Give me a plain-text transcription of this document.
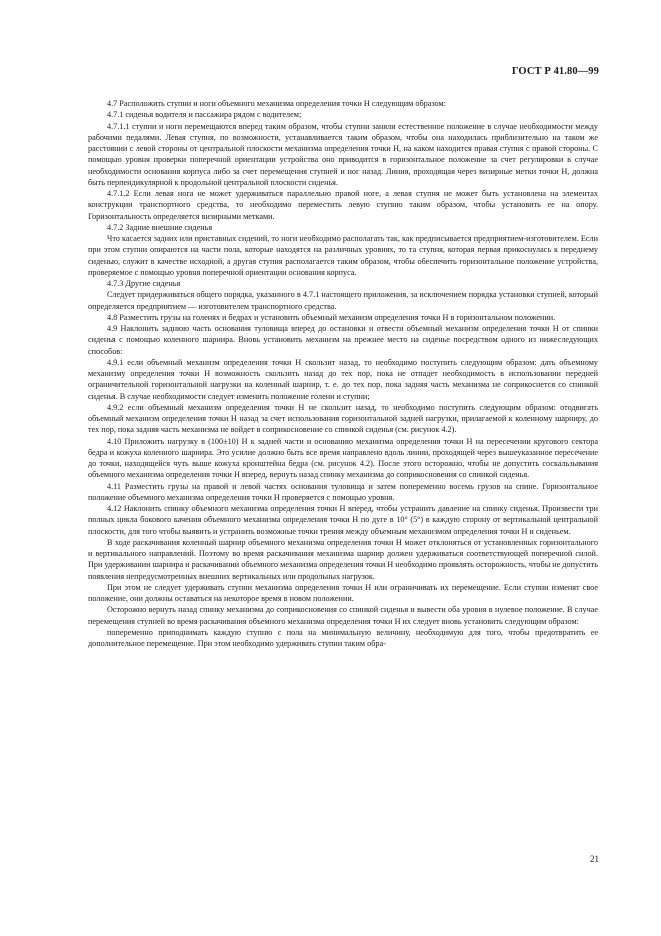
ГОСТ Р 41.80—99

4.7 Расположить ступни и ноги объемного механизма определения точки H следующим образом:

4.7.1 сиденья водителя и пассажира рядом с водителем;

4.7.1.1 ступни и ноги перемещаются вперед таким образом, чтобы ступни заняли естественное положение в случае необходимости между рабочими педалями. Левая ступня, по возможности, устанавливается таким образом, чтобы она находилась приблизительно на таком же расстоянии с левой стороны от центральной плоскости механизма определения точки H, на каком находится правая ступня с правой стороны. С помощью уровня проверки поперечной ориентации устройства оно приводится в горизонтальное положение за счет регулировки в случае необходимости основания корпуса либо за счет перемещения ступней и ног назад. Линия, проходящая через визирные метки точки H, должна быть перпендикулярной к продольной центральной плоскости сиденья.

4.7.1.2 Если левая нога не может удерживаться параллельно правой ноге, а левая ступня не может быть установлена на элементах конструкции транспортного средства, то необходимо переместить левую ступню таким образом, чтобы установить ее на опору. Горизонтальность определяется визирными метками.

4.7.2 Задние внешние сиденья

Что касается задних или приставных сидений, то ноги необходимо располагать так, как предписывается предприятием-изготовителем. Если при этом ступни опираются на части пола, которые находятся на различных уровнях, то та ступня, которая первая прикоснулась к переднему сиденью, служит в качестве исходной, а другая ступня располагается таким образом, чтобы обеспечить горизонтальное положение устройства, проверяемое с помощью уровня поперечной ориентации основания корпуса.

4.7.3 Другие сиденья

Следует придерживаться общего порядка, указанного в 4.7.1 настоящего приложения, за исключением порядка установки ступней, который определяется предприятием — изготовителем транспортного средства.

4.8 Разместить грузы на голенях и бедрах и установить объемный механизм определения точки H в горизонтальном положении.

4.9 Наклонить заднюю часть основания туловища вперед до остановки и отвести объемный механизм определения точки H от спинки сиденья с помощью коленного шарнира. Вновь установить механизм на прежнее место на сиденье посредством одного из нижеследующих способов:

4.9.1 если объемный механизм определения точки H скользит назад, то необходимо поступить следующим образом: дать объемному механизму определения точки H возможность скользить назад до тех пор, пока не отпадет необходимость в использовании передней ограничительной горизонтальной нагрузки на коленный шарнир, т. е. до тех пор, пока задняя часть механизма не соприкоснется со спинкой сиденья. В случае необходимости следует изменить положение голени и ступни;

4.9.2 если объемный механизм определения точки H не скользит назад, то необходимо поступить следующим образом: отодвигать объемный механизм определения точки H назад за счет использования горизонтальной задней нагрузки, прилагаемой к коленному шарниру, до тех пор, пока задняя часть механизма не войдет в соприкосновение со спинкой сиденья (см. рисунок 4.2).

4.10 Приложить нагрузку в (100±10) Н к задней части и основанию механизма определения точки H на пересечении кругового сектора бедра и кожуха коленного шарнира. Это усилие должно быть все время направлено вдоль линии, проходящей через вышеуказанное пересечение до точки, находящейся чуть выше кожуха кронштейна бедра (см. рисунок 4.2). После этого осторожно, чтобы не допустить соскальзывания объемного механизма определения точки H вперед, вернуть назад спинку механизма до соприкосновения со спинкой сиденья.

4.11 Разместить грузы на правой и левой частях основания туловища и затем попеременно восемь грузов на спине. Горизонтальное положение объемного механизма определения точки H проверяется с помощью уровня.

4.12 Наклонить спинку объемного механизма определения точки H вперед, чтобы устранить давление на спинку сиденья. Произвести три полных цикла бокового качения объемного механизма определения точки H по дуге в 10° (5°) в каждую сторону от вертикальной центральной плоскости, для того чтобы выявить и устранить возможные точки трения между объемным механизмом определения точки H и сиденьем.

В ходе раскачивания коленный шарнир объемного механизма определения точки H может отклоняться от установленных горизонтального и вертикального направлений. Поэтому во время раскачивания механизма шарнир должен удерживаться соответствующей поперечной силой. При удерживании шарнира и раскачивании объемного механизма определения точки H необходимо проявлять осторожность, чтобы не допустить появления непредусмотренных внешних вертикальных или продольных нагрузок.

При этом не следует удерживать ступни механизма определения точки H или ограничивать их перемещение. Если ступни изменят свое положение, они должны оставаться на некоторое время в новом положении.

Осторожно вернуть назад спинку механизма до соприкосновения со спинкой сиденья и вывести оба уровня в нулевое положение. В случае перемещения ступней во время раскачивания объемного механизма определения точки H их следует вновь установить следующим образом:

попеременно приподнимать каждую ступню с пола на минимальную величину, необходимую для того, чтобы предотвратить ее дополнительное перемещение. При этом необходимо удерживать ступни таким обра-

21
